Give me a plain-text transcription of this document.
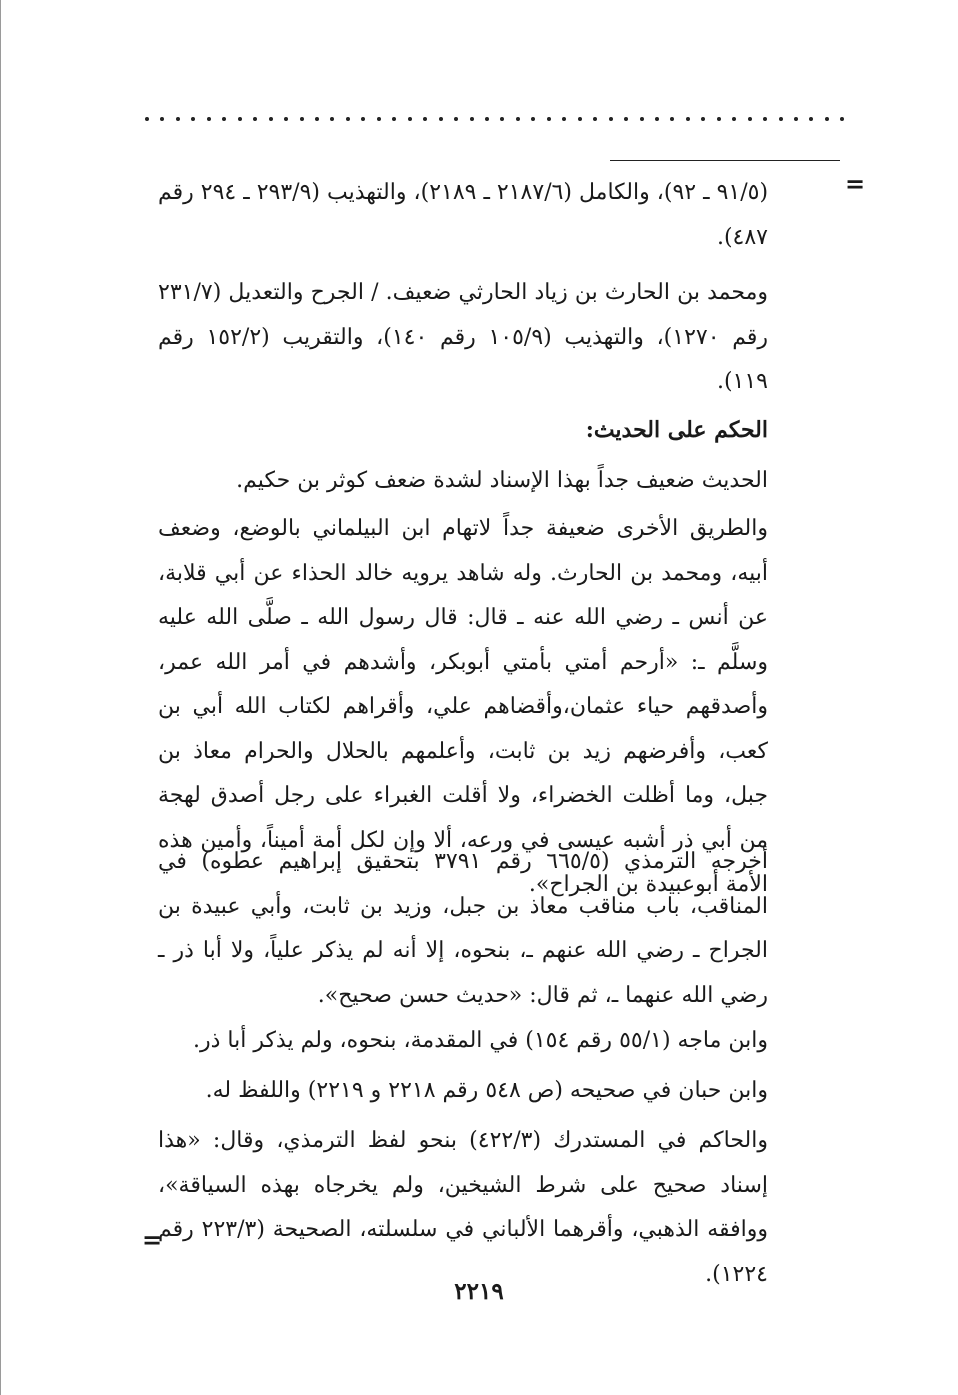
=
(٩١/٥ ـ ٩٢)، والكامل (٢١٨٧/٦ ـ ٢١٨٩)، والتهذيب (٢٩٣/٩ ـ ٢٩٤ رقم ٤٨٧).
ومحمد بن الحارث بن زياد الحارثي ضعيف. / الجرح والتعديل (٢٣١/٧ رقم ١٢٧٠)، والتهذيب (١٠٥/٩ رقم ١٤٠)، والتقريب (١٥٢/٢ رقم ١١٩).
الحكم على الحديث:
الحديث ضعيف جداً بهذا الإسناد لشدة ضعف كوثر بن حكيم.
والطريق الأخرى ضعيفة جداً لاتهام ابن البيلماني بالوضع، وضعف أبيه، ومحمد بن الحارث. وله شاهد يرويه خالد الحذاء عن أبي قلابة، عن أنس ـ رضي الله عنه ـ قال: قال رسول الله ـ صلَّى الله عليه وسلَّم ـ: «أرحم أمتي بأمتي أبوبكر، وأشدهم في أمر الله عمر، وأصدقهم حياء عثمان،وأقضاهم علي، وأقراهم لكتاب الله أبي بن كعب، وأفرضهم زيد بن ثابت، وأعلمهم بالحلال والحرام معاذ بن جبل، وما أظلت الخضراء، ولا أقلت الغبراء على رجل أصدق لهجة من أبي ذر أشبه عيسى في ورعه، ألا وإن لكل أمة أميناً، وأمين هذه الأمة أبوعبيدة بن الجراح».
أخرجه الترمذي (٦٦٥/٥ رقم ٣٧٩١ بتحقيق إبراهيم عطوه) في المناقب، باب مناقب معاذ بن جبل، وزيد بن ثابت، وأبي عبيدة بن الجراح ـ رضي الله عنهم ـ، بنحوه، إلا أنه لم يذكر علياً، ولا أبا ذر ـ رضي الله عنهما ـ، ثم قال: «حديث حسن صحيح».
وابن ماجه (٥٥/١ رقم ١٥٤) في المقدمة، بنحوه، ولم يذكر أبا ذر.
وابن حبان في صحيحه (ص ٥٤٨ رقم ٢٢١٨ و ٢٢١٩) واللفظ له.
والحاكم في المستدرك (٤٢٢/٣) بنحو لفظ الترمذي، وقال: «هذا إسناد صحيح على شرط الشيخين، ولم يخرجاه بهذه السياقة»، ووافقه الذهبي، وأقرهما الألباني في سلسلته، الصحيحة (٢٢٣/٣ رقم ١٢٢٤).
=
٢٢١٩
